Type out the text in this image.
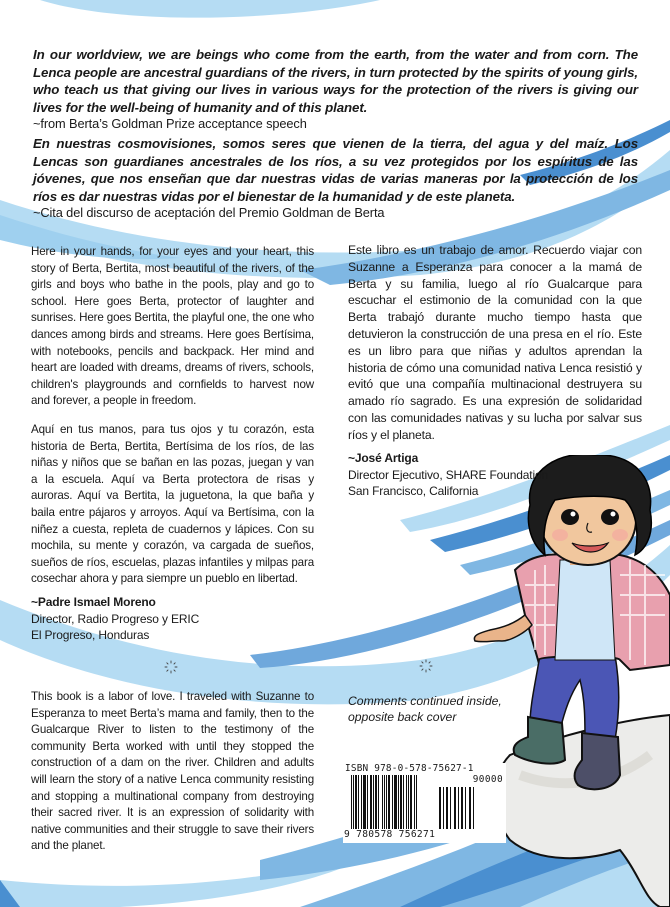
In our worldview, we are beings who come from the earth, from the water and from corn. The Lenca people are ancestral guardians of the rivers, in turn protected by the spirits of young girls, who teach us that giving our lives in various ways for the protection of the rivers is giving our lives for the well-being of humanity and of this planet.
~from Berta’s Goldman Prize acceptance speech
En nuestras cosmovisiones, somos seres que vienen de la tierra, del agua y del maíz. Los Lencas son guardianes ancestrales de los ríos, a su vez protegidos por los espíritus de las jóvenes, que nos enseñan que dar nuestras vidas de varias maneras por la protección de los ríos es dar nuestras vidas por el bienestar de la humanidad y de este planeta.
~Cita del discurso de aceptación del Premio Goldman de Berta

Here in your hands, for your eyes and your heart, this story of Berta, Bertita, most beautiful of the rivers, of the girls and boys who bathe in the pools, play and go to school. Here goes Berta, protector of laughter and sunrises. Here goes Bertita, the playful one, the one who dances among birds and streams. Here goes Bertísima, with notebooks, pencils and backpack. Her mind and heart are loaded with dreams, dreams of rivers, schools, children's playgrounds and cornfields to harvest now and forever, a people in freedom.

Aquí en tus manos, para tus ojos y tu corazón, esta historia de Berta, Bertita, Bertísima de los ríos, de las niñas y niños que se bañan en las pozas, juegan y van a la escuela. Aquí va Berta protectora de risas y auroras. Aquí va Bertita, la juguetona, la que baña y baila entre pájaros y arroyos. Aquí va Bertísima, con la niñez a cuesta, repleta de cuadernos y lápices. Con su mochila, su mente y corazón, va cargada de sueños, sueños de ríos, escuelas, plazas infantiles y milpas para cosechar ahora y para siempre un pueblo en libertad.

~Padre Ismael Moreno
Director, Radio Progreso y ERIC
El Progreso, Honduras

Este libro es un trabajo de amor. Recuerdo viajar con Suzanne a Esperanza para conocer a la mamá de Berta y su familia, luego al río Gualcarque para escuchar el estimonio de la comunidad con la que Berta trabajó durante mucho tiempo hasta que detuvieron la construcción de una presa en el río. Este es un libro para que niñas y adultos aprendan la historia de cómo una comunidad nativa Lenca resistió y evitó que una compañía multinacional destruyera su amado río sagrado. Es una expresión de solidaridad con las comunidades nativas y su lucha por salvar sus ríos y el planeta.

~José Artiga
Director Ejecutivo, SHARE Foundation
San Francisco, California

This book is a labor of love. I traveled with Suzanne to Esperanza to meet Berta’s mama and family, then to the Gualcarque River to listen to the testimony of the community Berta worked with until they stopped the construction of a dam on the river. Children and adults will learn the story of a native Lenca community resisting and stopping a multinational company from destroying their sacred river. It is an expression of solidarity with native communities and their struggle to save their rivers and the planet.

Comments continued inside,
opposite back cover
ISBN 978-0-578-75627-1
90000
9 780578 756271
